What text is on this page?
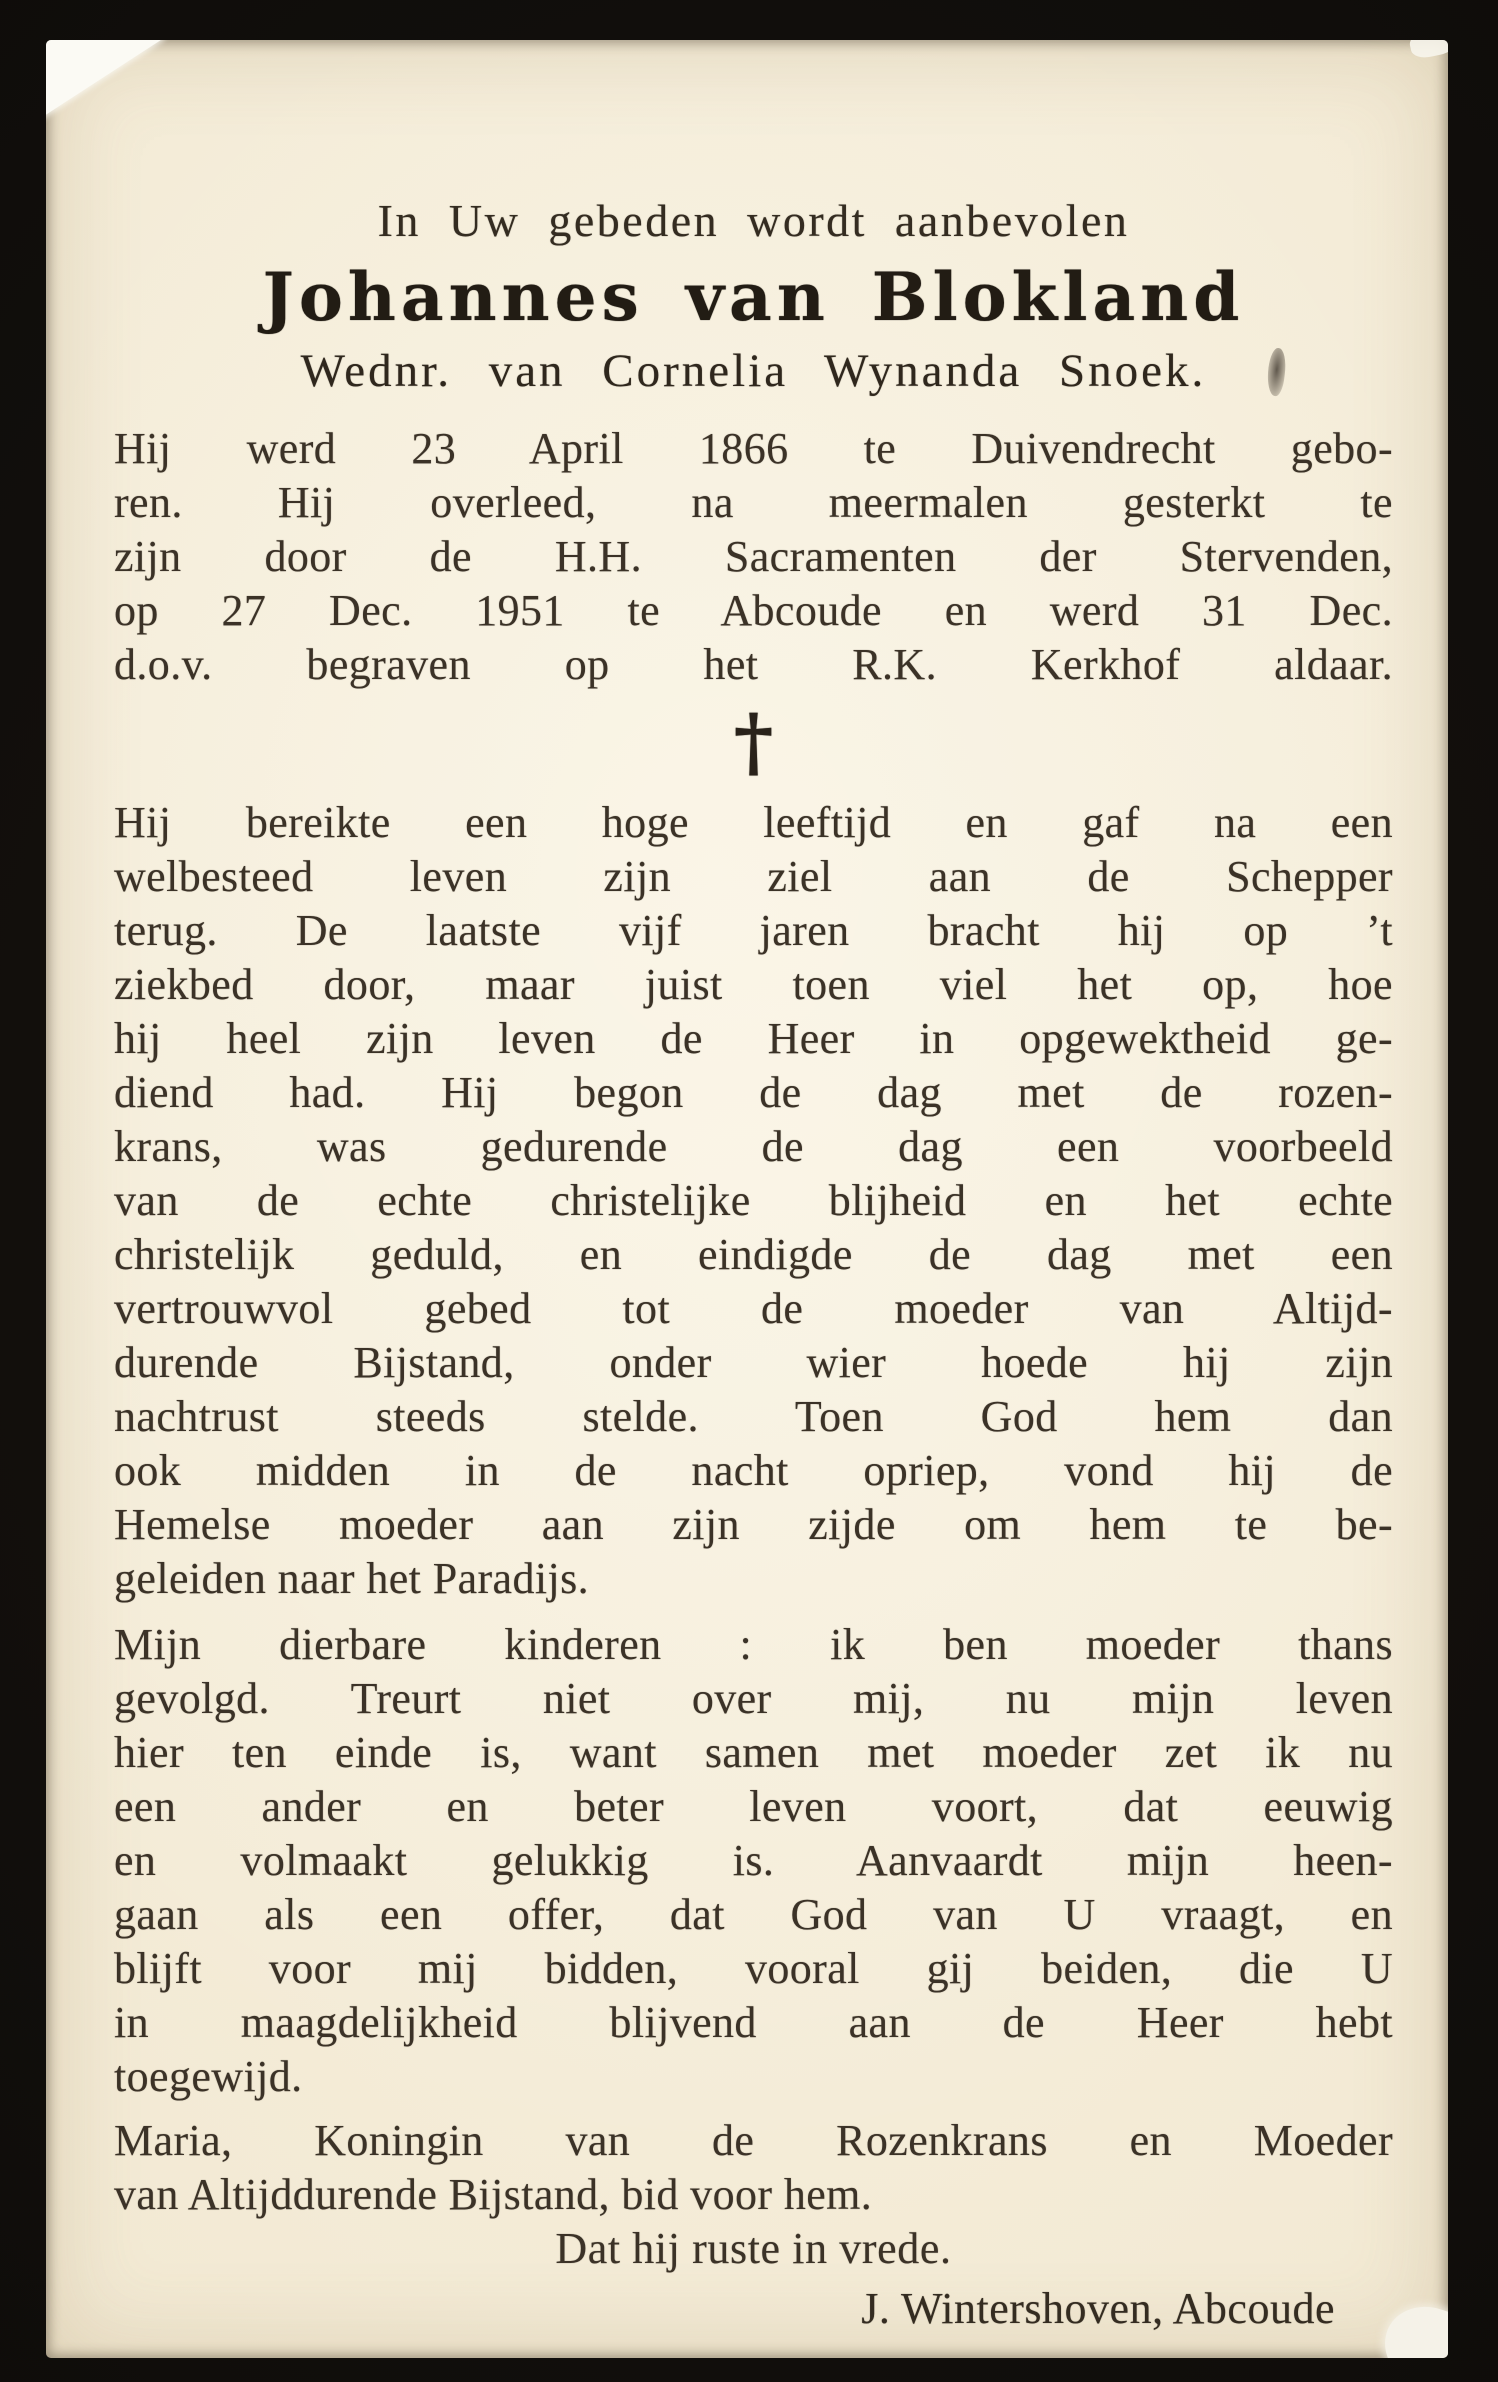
In Uw gebeden wordt aanbevolen
Johannes van Blokland
Wednr. van Cornelia Wynanda Snoek.
Hij werd 23 April 1866 te Duivendrecht gebo-
ren. Hij overleed, na meermalen gesterkt te
zijn door de H.H. Sacramenten der Stervenden,
op 27 Dec. 1951 te Abcoude en werd 31 Dec.
d.o.v. begraven op het R.K. Kerkhof aldaar.
†
Hij bereikte een hoge leeftijd en gaf na een
welbesteed leven zijn ziel aan de Schepper
terug. De laatste vijf jaren bracht hij op ’t
ziekbed door, maar juist toen viel het op, hoe
hij heel zijn leven de Heer in opgewektheid ge-
diend had. Hij begon de dag met de rozen-
krans, was gedurende de dag een voorbeeld
van de echte christelijke blijheid en het echte
christelijk geduld, en eindigde de dag met een
vertrouwvol gebed tot de moeder van Altijd-
durende Bijstand, onder wier hoede hij zijn
nachtrust steeds stelde. Toen God hem dan
ook midden in de nacht opriep, vond hij de
Hemelse moeder aan zijn zijde om hem te be-
geleiden naar het Paradijs.
Mijn dierbare kinderen : ik ben moeder thans
gevolgd. Treurt niet over mij, nu mijn leven
hier ten einde is, want samen met moeder zet ik nu
een ander en beter leven voort, dat eeuwig
en volmaakt gelukkig is. Aanvaardt mijn heen-
gaan als een offer, dat God van U vraagt, en
blijft voor mij bidden, vooral gij beiden, die U
in maagdelijkheid blijvend aan de Heer hebt
toegewijd.
Maria, Koningin van de Rozenkrans en Moeder
van Altijddurende Bijstand, bid voor hem.
Dat hij ruste in vrede.
J. Wintershoven, Abcoude
